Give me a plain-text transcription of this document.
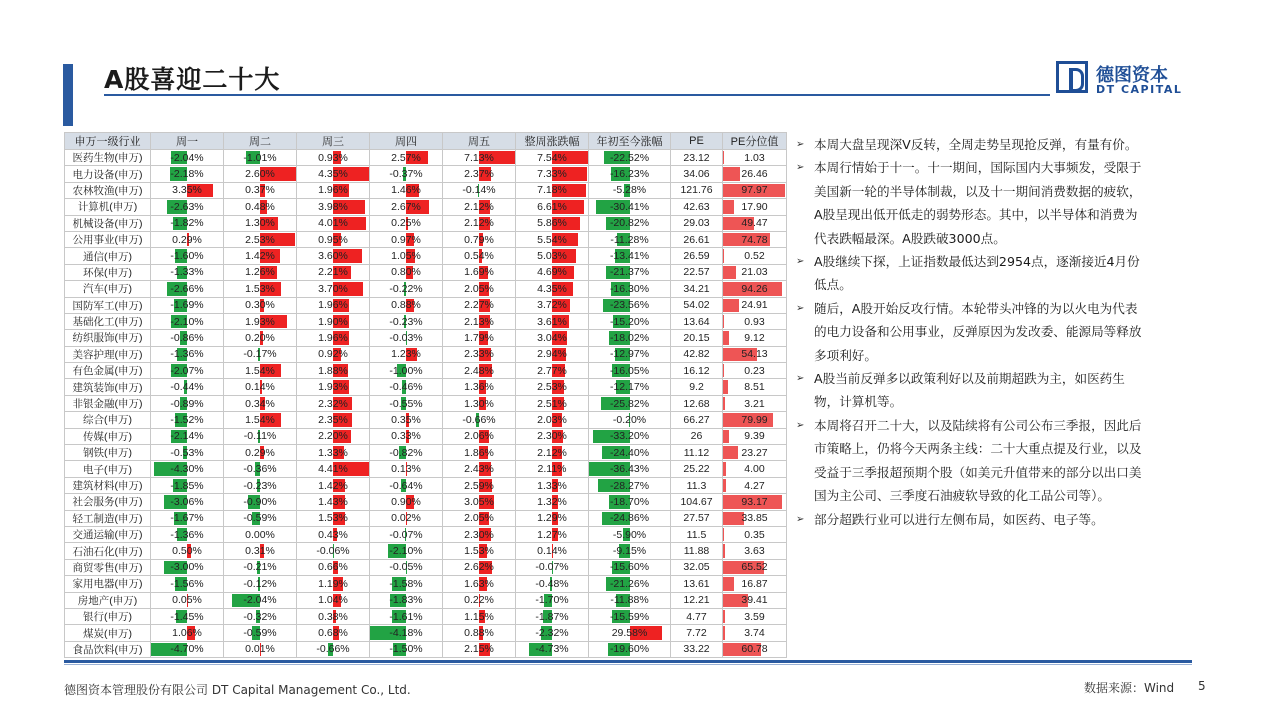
A股喜迎二十大	德图资本
DT CAPITAL
申万一级行业	周一	周二	周三	周四	周五	整周涨跌幅	年初至今涨幅	PE	PE分位值
医药生物(申万)	-2.04%	-1.01%	0.93%	2.57%	7.13%	7.54%	-22.52%	23.12	1.03

电力设备(申万)	-2.18%	2.60%	4.35%	-0.37%	2.37%	7.33%	-16.23%	34.06	26.46

农林牧渔(申万)	3.35%	0.37%	1.96%	1.46%	-0.14%	7.18%	-5.28%	121.76	97.97

计算机(申万)	-2.63%	0.48%	3.98%	2.67%	2.12%	6.61%	-30.41%	42.63	17.90

机械设备(申万)	-1.82%	1.30%	4.01%	0.25%	2.12%	5.86%	-20.82%	29.03	49.47

公用事业(申万)	0.29%	2.53%	0.95%	0.97%	0.79%	5.54%	-11.28%	26.61	74.78

通信(申万)	-1.60%	1.42%	3.60%	1.05%	0.54%	5.03%	-13.41%	26.59	0.52

环保(申万)	-1.33%	1.26%	2.21%	0.80%	1.69%	4.69%	-21.37%	22.57	21.03

汽车(申万)	-2.66%	1.53%	3.70%	-0.22%	2.05%	4.35%	-16.30%	34.21	94.26

国防军工(申万)	-1.69%	0.30%	1.96%	0.88%	2.27%	3.72%	-23.56%	54.02	24.91

基础化工(申万)	-2.10%	1.93%	1.90%	-0.23%	2.13%	3.61%	-15.20%	13.64	0.93

纺织服饰(申万)	-0.86%	0.20%	1.96%	-0.03%	1.79%	3.04%	-18.02%	20.15	9.12

美容护理(申万)	-1.36%	-0.17%	0.92%	1.23%	2.33%	2.94%	-12.97%	42.82	54.13

有色金属(申万)	-2.07%	1.54%	1.88%	-1.00%	2.48%	2.77%	-16.05%	16.12	0.23

建筑装饰(申万)	-0.44%	0.14%	1.93%	-0.46%	1.36%	2.53%	-12.17%	9.2	8.51

非银金融(申万)	-0.89%	0.34%	2.32%	-0.55%	1.30%	2.51%	-25.82%	12.68	3.21

综合(申万)	-1.52%	1.54%	2.35%	0.35%	-0.66%	2.03%	-0.20%	66.27	79.99

传媒(申万)	-2.14%	-0.11%	2.20%	0.33%	2.06%	2.30%	-33.20%	26	9.39

钢铁(申万)	-0.53%	0.29%	1.33%	-0.82%	1.86%	2.12%	-24.40%	11.12	23.27

电子(申万)	-4.30%	-0.36%	4.41%	0.13%	2.43%	2.11%	-36.43%	25.22	4.00

建筑材料(申万)	-1.85%	-0.23%	1.42%	-0.64%	2.59%	1.33%	-28.27%	11.3	4.27

社会服务(申万)	-3.06%	-0.90%	1.43%	0.90%	3.05%	1.32%	-18.70%	104.67	93.17

轻工制造(申万)	-1.67%	-0.59%	1.53%	0.02%	2.05%	1.29%	-24.86%	27.57	33.85

交通运输(申万)	-1.36%	0.00%	0.43%	-0.07%	2.30%	1.27%	-5.90%	11.5	0.35

石油石化(申万)	0.50%	0.31%	-0.06%	-2.10%	1.53%	0.14%	-9.15%	11.88	3.63

商贸零售(申万)	-3.00%	-0.21%	0.66%	-0.05%	2.62%	-0.07%	-15.60%	32.05	65.52

家用电器(申万)	-1.56%	-0.12%	1.19%	-1.58%	1.63%	-0.48%	-21.26%	13.61	16.87

房地产(申万)	0.05%	-2.04%	1.04%	-1.83%	0.22%	-1.70%	-11.88%	12.21	39.41

银行(申万)	-1.45%	-0.32%	0.38%	-1.61%	1.15%	-1.87%	-15.59%	4.77	3.59

煤炭(申万)	1.06%	-0.59%	0.68%	-4.18%	0.88%	-2.32%	29.58%	7.72	3.74

食品饮料(申万)	-4.70%	0.01%	-0.66%	-1.50%	2.15%	-4.73%	-19.60%	33.22	60.78

➢ 本周大盘呈现深V反转，全周走势呈现抢反弹，有量有价。

➢ 本周行情始于十一。十一期间，国际国内大事频发，受限于美国新一轮的半导体制裁，以及十一期间消费数据的疲软，A股呈现出低开低走的弱势形态。其中，以半导体和消费为代表跌幅最深。A股跌破3000点。

➢ A股继续下探，上证指数最低达到2954点，逐渐接近4月份低点。

➢ 随后，A股开始反攻行情。本轮带头冲锋的为以火电为代表的电力设备和公用事业，反弹原因为发改委、能源局等释放多项利好。

➢ A股当前反弹多以政策利好以及前期超跌为主，如医药生物，计算机等。

➢ 本周将召开二十大，以及陆续将有公司公布三季报，因此后市策略上，仍将今天两条主线：二十大重点提及行业，以及受益于三季报超预期个股（如美元升值带来的部分以出口美国为主公司、三季度石油疲软导致的化工品公司等）。

➢ 部分超跌行业可以进行左侧布局，如医药、电子等。

德图资本管理股份有限公司 DT Capital Management Co., Ltd.	数据来源：Wind 5
